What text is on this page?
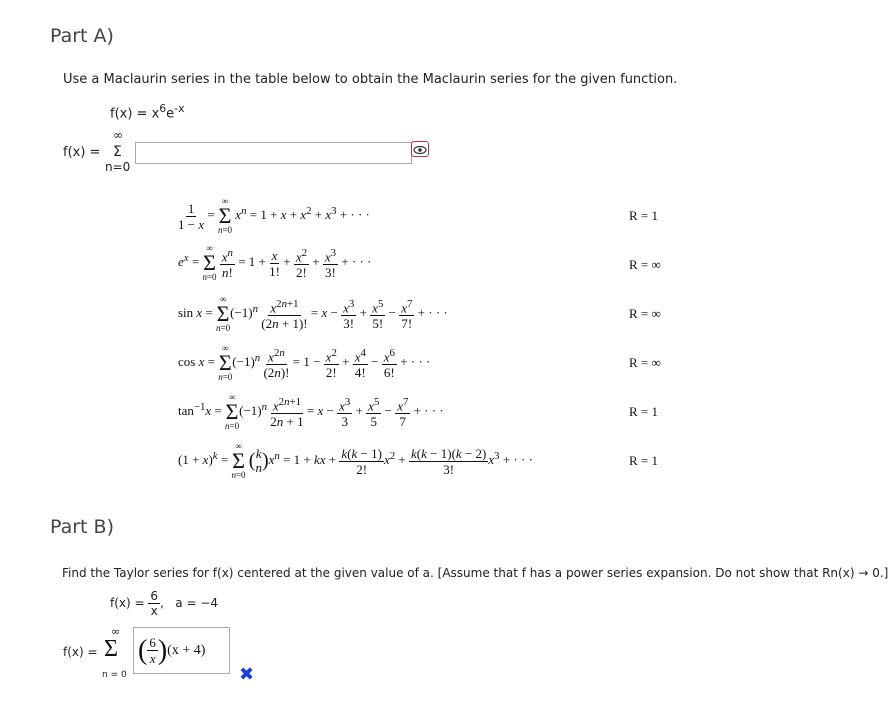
Part A)
Use a Maclaurin series in the table below to obtain the Maclaurin series for the given function.
$f(x) = x^6e^{-x}$
∞
f(x) = Σ
n=0
$\frac{1}{1 - x}$ =
∞
Σ
n=0
$x^n = 1 + x + x^2 + x^3$ + · · ·	R = 1
$e^x$ =
∞
Σ
n=0
$\frac{x^n}{n!} = 1 + \frac{x}{1!} + \frac{x^2}{2!} + \frac{x^3}{3!}$ + · · ·	R = ∞
sin x =
∞
Σ
n=0
$(-1)^n \frac{x^{2n+1}}{(2n + 1)!} = x - \frac{x^3}{3!} + \frac{x^5}{5!} - \frac{x^7}{7!}$ + · · ·	R = ∞
cos x =
∞
Σ
n=0
$(-1)^n \frac{x^{2n}}{(2n)!} = 1 - \frac{x^2}{2!} + \frac{x^4}{4!} - \frac{x^6}{6!}$ + · · ·	R = ∞
$\tan^{-1}x$ =
∞
Σ
n=0
$(-1)^n \frac{x^{2n+1}}{2n + 1} = x - \frac{x^3}{3} + \frac{x^5}{5} - \frac{x^7}{7}$ + · · ·	R = 1
$(1 + x)^k$ =
∞
Σ
n=0
( k
n )$x^n = 1$ + kx + $\frac{k(k - 1)}{2!} x^2 + \frac{k(k - 1)(k - 2)}{3!} x^3$ + · · ·	R = 1
Part B)
Find the Taylor series for f(x) centered at the given value of a. [Assume that f has a power series expansion. Do not show that Rn(x) → 0.]
$f(x) = \frac{6}{x}$ ,   a = −4
∞
f(x) = Σ
n = 0
( $\frac{6}{x}$ ) (x + 4)
✖
